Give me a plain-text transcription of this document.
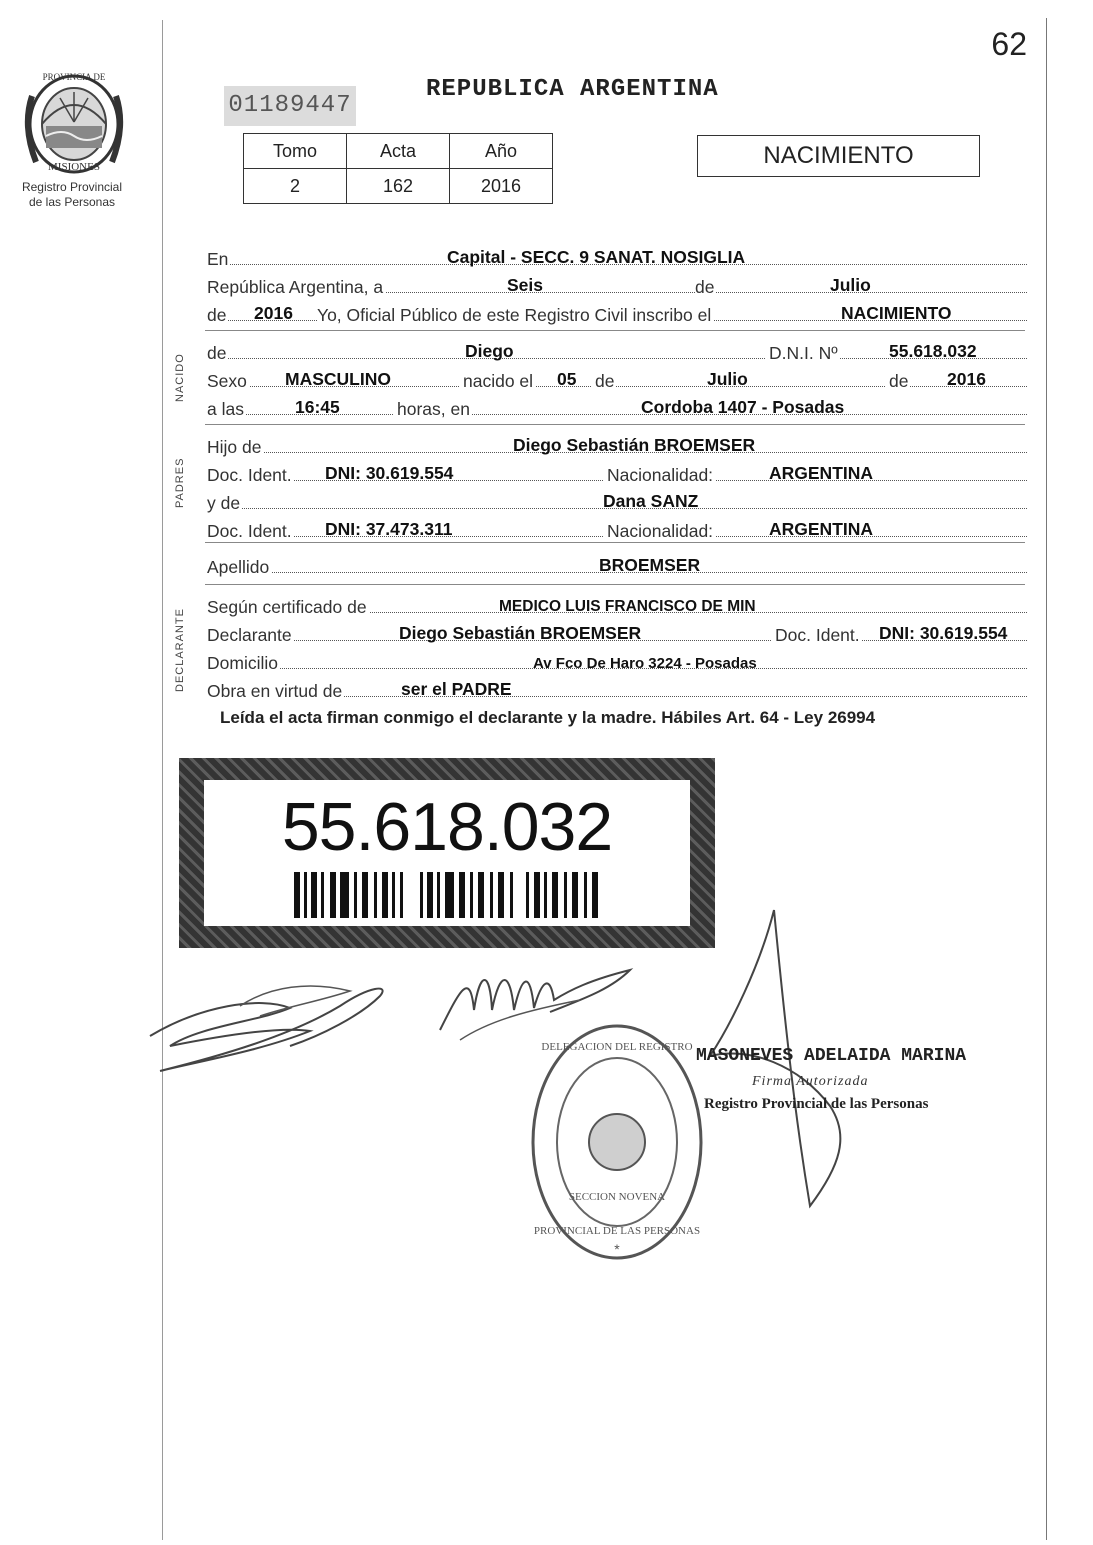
62
PROVINCIA DE
MISIONES
Registro Provincial
de las Personas
01189447
REPUBLICA ARGENTINA
Tomo	Acta	Año
2	162	2016
NACIMIENTO
NACIDO
PADRES
DECLARANTE
En	Capital - SECC. 9 SANAT. NOSIGLIA
República Argentina, a	Seis	de	Julio
de 2016 Yo, Oficial Público de este Registro Civil inscribo el	NACIMIENTO
de	Diego	D.N.I. Nº	55.618.032
Sexo MASCULINO	nacido el 05 de	Julio	de 2016
a las	16:45	horas, en	Cordoba 1407 - Posadas
Hijo de	Diego Sebastián BROEMSER
Doc. Ident. DNI: 30.619.554	Nacionalidad:	ARGENTINA
y de	Dana SANZ
Doc. Ident. DNI: 37.473.311	Nacionalidad:	ARGENTINA
Apellido	BROEMSER
Según certificado de	MEDICO LUIS FRANCISCO DE MIN
Declarante	Diego Sebastián BROEMSER	Doc. Ident. DNI: 30.619.554
Domicilio	Av Fco De Haro 3224 - Posadas
Obra en virtud de	ser el PADRE
Leída el acta firman conmigo el declarante y la madre. Hábiles Art. 64 - Ley 26994
55.618.032
DELEGACION DEL REGISTRO
PROVINCIAL DE LAS PERSONAS
SECCION NOVENA
*
MASONEVES ADELAIDA MARINA
Firma Autorizada
Registro Provincial de las Personas
